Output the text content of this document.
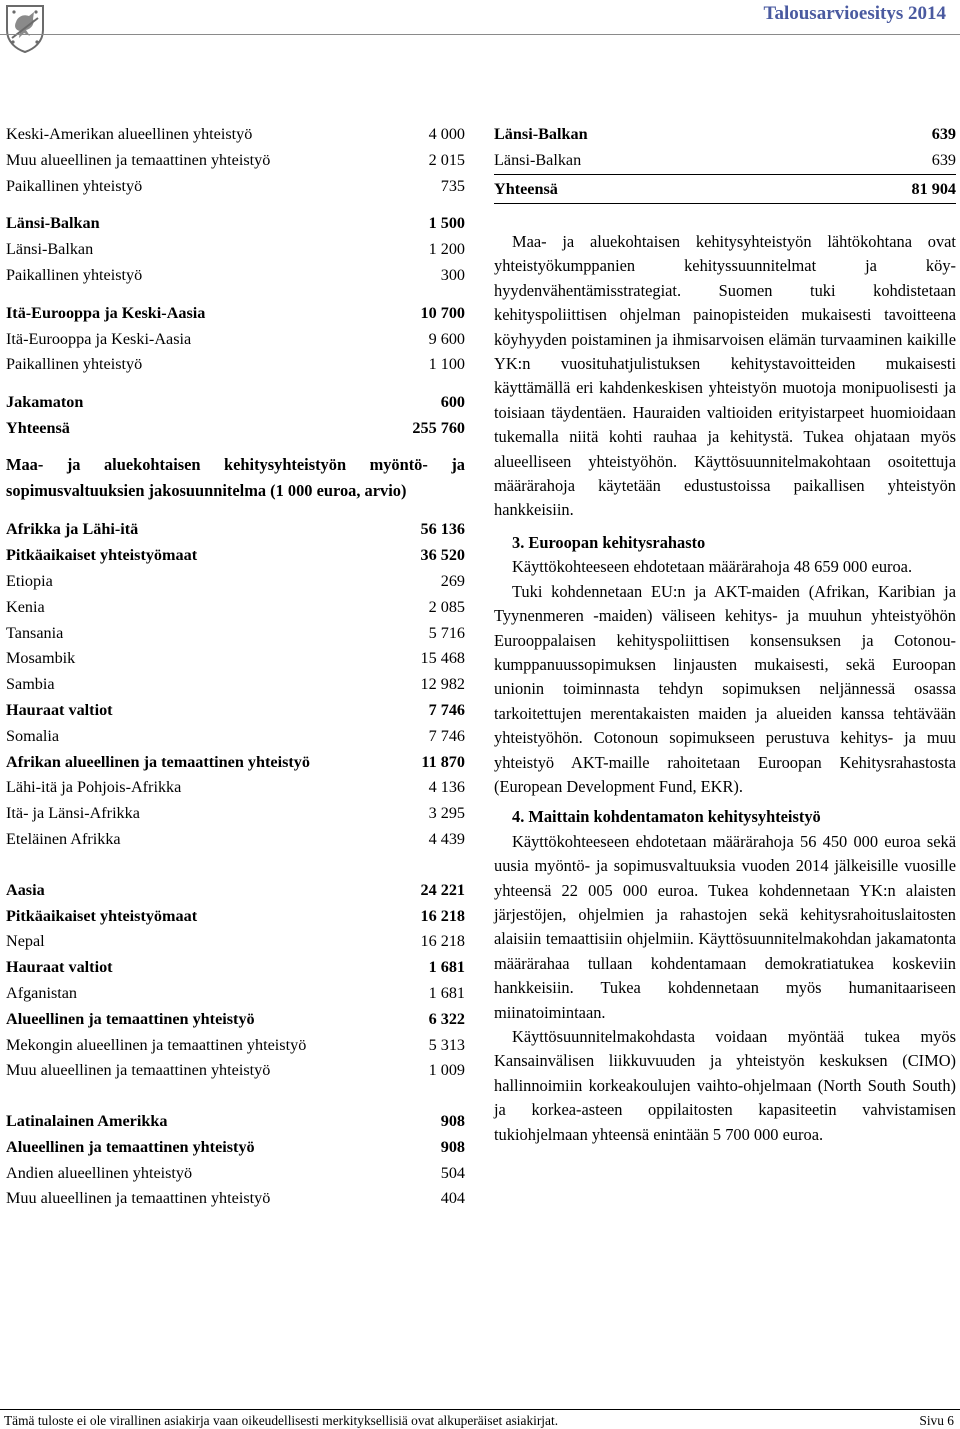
Talousarvioesitys 2014
Keski-Amerikan alueellinen yhteistyö	4 000
Muu alueellinen ja temaattinen yhteistyö	2 015
Paikallinen yhteistyö	735
Länsi-Balkan	1 500
Länsi-Balkan	1 200
Paikallinen yhteistyö	300
Itä-Eurooppa ja Keski-Aasia	10 700
Itä-Eurooppa ja Keski-Aasia	9 600
Paikallinen yhteistyö	1 100
Jakamaton	600
Yhteensä	255 760
Maa- ja aluekohtaisen kehitysyhteistyön myöntö- ja sopimusvaltuuksien jakosuunnitelma (1 000 euroa, arvio)
Afrikka ja Lähi-itä	56 136
Pitkäaikaiset yhteistyömaat	36 520
Etiopia	269
Kenia	2 085
Tansania	5 716
Mosambik	15 468
Sambia	12 982
Hauraat valtiot	7 746
Somalia	7 746
Afrikan alueellinen ja temaattinen yhteistyö	11 870
Lähi-itä ja Pohjois-Afrikka	4 136
Itä- ja Länsi-Afrikka	3 295
Eteläinen Afrikka	4 439
Aasia	24 221
Pitkäaikaiset yhteistyömaat	16 218
Nepal	16 218
Hauraat valtiot	1 681
Afganistan	1 681
Alueellinen ja temaattinen yhteistyö	6 322
Mekongin alueellinen ja temaattinen yhteistyö	5 313
Muu alueellinen ja temaattinen yhteistyö	1 009
Latinalainen Amerikka	908
Alueellinen ja temaattinen yhteistyö	908
Andien alueellinen yhteistyö	504
Muu alueellinen ja temaattinen yhteistyö	404
Länsi-Balkan	639
Länsi-Balkan	639
Yhteensä	81 904

Maa- ja aluekohtaisen kehitysyhteistyön lähtökohtana ovat yhteistyökumppanien kehityssuunnitelmat ja köyhyydenvähentämisstrategiat. Suomen tuki kohdistetaan kehityspoliittisen ohjelman painopisteiden mukaisesti tavoitteena köyhyyden poistaminen ja ihmisarvoisen elämän turvaaminen kaikille YK:n vuosituhatjulistuksen kehitystavoitteiden mukaisesti käyttämällä eri kahdenkeskisen yhteistyön muotoja monipuolisesti ja toisiaan täydentäen. Hauraiden valtioiden erityistarpeet huomioidaan tukemalla niitä kohti rauhaa ja kehitystä. Tukea ohjataan myös alueelliseen yhteistyöhön. Käyttösuunnitelmakohtaan osoitettuja määrärahoja käytetään edustustoissa paikallisen yhteistyön hankkeisiin.

3. Euroopan kehitysrahasto

Käyttökohteeseen ehdotetaan määrärahoja 48 659 000 euroa.

Tuki kohdennetaan EU:n ja AKT-maiden (Afrikan, Karibian ja Tyynenmeren -maiden) väliseen kehitys- ja muuhun yhteistyöhön Eurooppalaisen kehityspoliittisen konsensuksen ja Cotonou-kumppanuussopimuksen linjausten mukaisesti, sekä Euroopan unionin toiminnasta tehdyn sopimuksen neljännessä osassa tarkoitettujen merentakaisten maiden ja alueiden kanssa tehtävään yhteistyöhön. Cotonoun sopimukseen perustuva kehitys- ja muu yhteistyö AKT-maille rahoitetaan Euroopan Kehitysrahastosta (European Development Fund, EKR).

4. Maittain kohdentamaton kehitysyhteistyö

Käyttökohteeseen ehdotetaan määrärahoja 56 450 000 euroa sekä uusia myöntö- ja sopimusvaltuuksia vuoden 2014 jälkeisille vuosille yhteensä 22 005 000 euroa. Tukea kohdennetaan YK:n alaisten järjestöjen, ohjelmien ja rahastojen sekä kehitysrahoituslaitosten alaisiin temaattisiin ohjelmiin. Käyttösuunnitelmakohdan jakamatonta määrärahaa tullaan kohdentamaan demokratiatukea koskeviin hankkeisiin. Tukea kohdennetaan myös humanitaariseen miinatoimintaan.

Käyttösuunnitelmakohdasta voidaan myöntää tukea myös Kansainvälisen liikkuvuuden ja yhteistyön keskuksen (CIMO) hallinnoimiin korkeakoulujen vaihto-ohjelmaan (North South South) ja korkea-asteen oppilaitosten kapasiteetin vahvistamisen tukiohjelmaan yhteensä enintään 5 700 000 euroa.

Tämä tuloste ei ole virallinen asiakirja vaan oikeudellisesti merkityksellisiä ovat alkuperäiset asiakirjat.	Sivu 6
